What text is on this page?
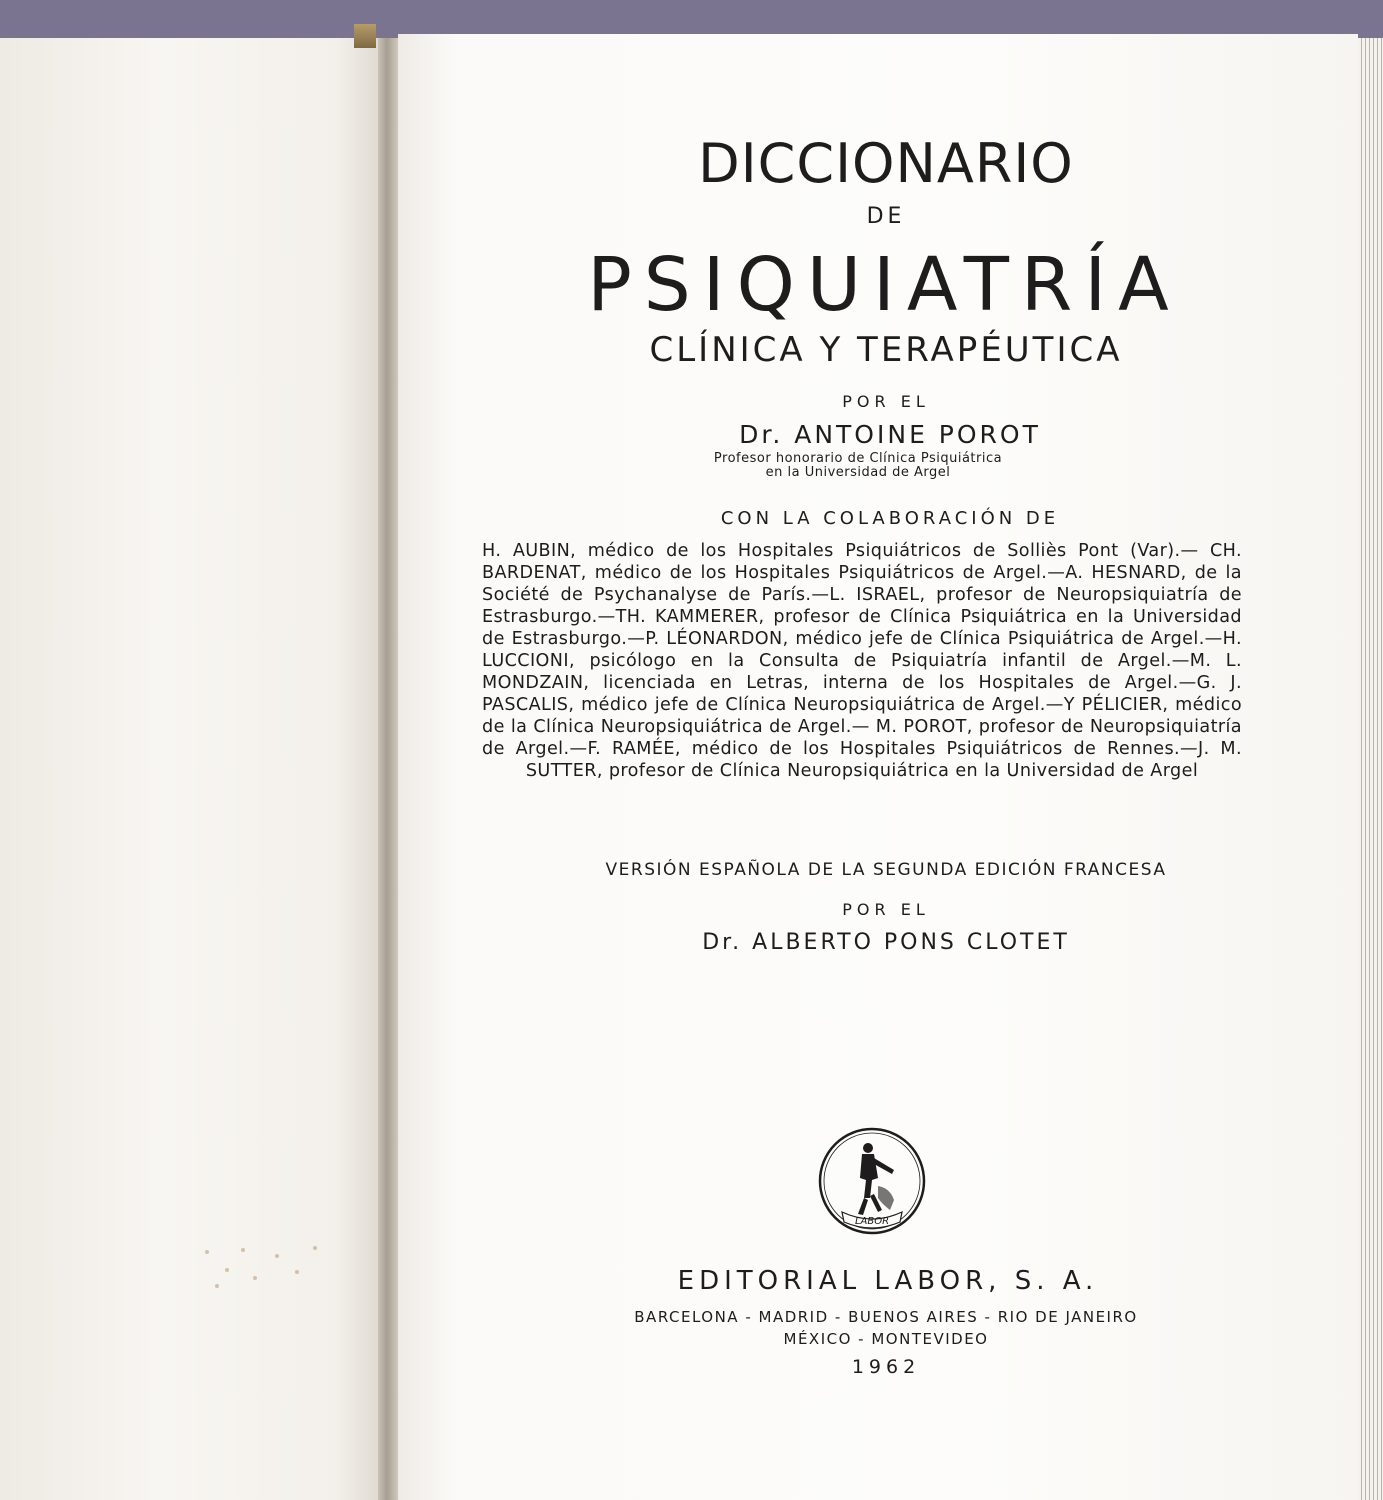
DICCIONARIO
DE
PSIQUIATRÍA
CLÍNICA Y TERAPÉUTICA
POR EL
Dr. ANTOINE POROT
Profesor honorario de Clínica Psiquiátrica
en la Universidad de Argel
CON LA COLABORACIÓN DE
H. AUBIN, médico de los Hospitales Psiquiátricos de Solliès Pont (Var).— CH. BARDENAT, médico de los Hospitales Psiquiátricos de Argel.—A. HESNARD, de la Société de Psychanalyse de París.—L. ISRAEL, profesor de Neuropsiquiatría de Estrasburgo.—TH. KAMMERER, profesor de Clínica Psiquiátrica en la Universidad de Estrasburgo.—P. LÉONARDON, médico jefe de Clínica Psiquiátrica de Argel.—H. LUCCIONI, psicólogo en la Consulta de Psiquiatría infantil de Argel.—M. L. MONDZAIN, licenciada en Letras, interna de los Hospitales de Argel.—G. J. PASCALIS, médico jefe de Clínica Neuropsiquiátrica de Argel.—Y PÉLICIER, médico de la Clínica Neuropsiquiátrica de Argel.— M. POROT, profesor de Neuropsiquiatría de Argel.—F. RAMÉE, médico de los Hospitales Psiquiátricos de Rennes.—J. M. SUTTER, profesor de Clínica Neuropsiquiátrica en la Universidad de Argel
VERSIÓN ESPAÑOLA DE LA SEGUNDA EDICIÓN FRANCESA
POR EL
Dr. ALBERTO PONS CLOTET
LABOR
EDITORIAL LABOR, S. A.
BARCELONA - MADRID - BUENOS AIRES - RIO DE JANEIRO
MÉXICO - MONTEVIDEO
1962
